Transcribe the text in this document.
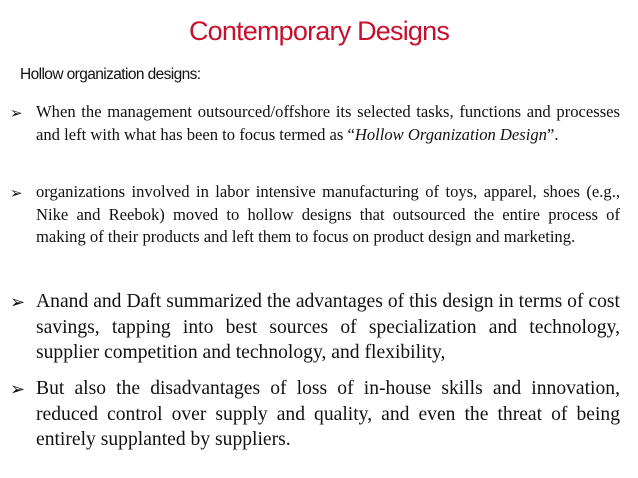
Contemporary Designs
Hollow organization designs:
➢ When the management outsourced/offshore its selected tasks, functions and processes and left with what has been to focus termed as “Hollow Organization Design”.
➢ organizations involved in labor intensive manufacturing of toys, apparel, shoes (e.g., Nike and Reebok) moved to hollow designs that outsourced the entire process of making of their products and left them to focus on product design and marketing.
➢ Anand and Daft summarized the advantages of this design in terms of cost savings, tapping into best sources of specialization and technology, supplier competition and technology, and flexibility,
➢ But also the disadvantages of loss of in-house skills and innovation, reduced control over supply and quality, and even the threat of being entirely supplanted by suppliers.
